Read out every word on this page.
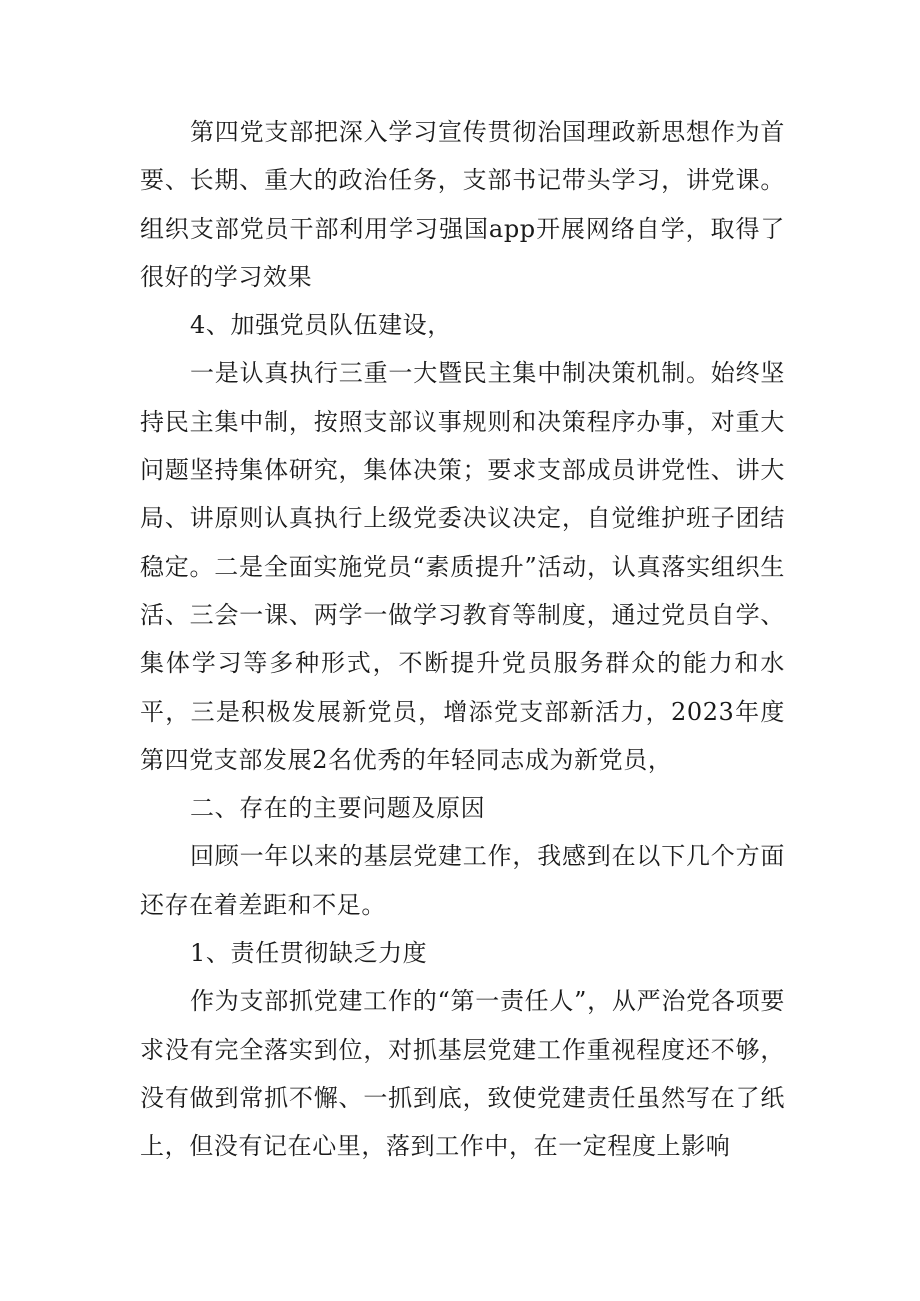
第四党支部把深入学习宣传贯彻治国理政新思想作为首要、长期、重大的政治任务，支部书记带头学习，讲党课。组织支部党员干部利用学习强国app开展网络自学，取得了很好的学习效果

4、加强党员队伍建设，

一是认真执行三重一大暨民主集中制决策机制。始终坚持民主集中制，按照支部议事规则和决策程序办事，对重大问题坚持集体研究，集体决策；要求支部成员讲党性、讲大局、讲原则认真执行上级党委决议决定，自觉维护班子团结稳定。二是全面实施党员“素质提升”活动，认真落实组织生活、三会一课、两学一做学习教育等制度，通过党员自学、集体学习等多种形式，不断提升党员服务群众的能力和水平，三是积极发展新党员，增添党支部新活力，2023年度第四党支部发展2名优秀的年轻同志成为新党员，

二、存在的主要问题及原因

回顾一年以来的基层党建工作，我感到在以下几个方面还存在着差距和不足。

1、责任贯彻缺乏力度

作为支部抓党建工作的“第一责任人”，从严治党各项要求没有完全落实到位，对抓基层党建工作重视程度还不够，没有做到常抓不懈、一抓到底，致使党建责任虽然写在了纸上，但没有记在心里，落到工作中，在一定程度上影响
